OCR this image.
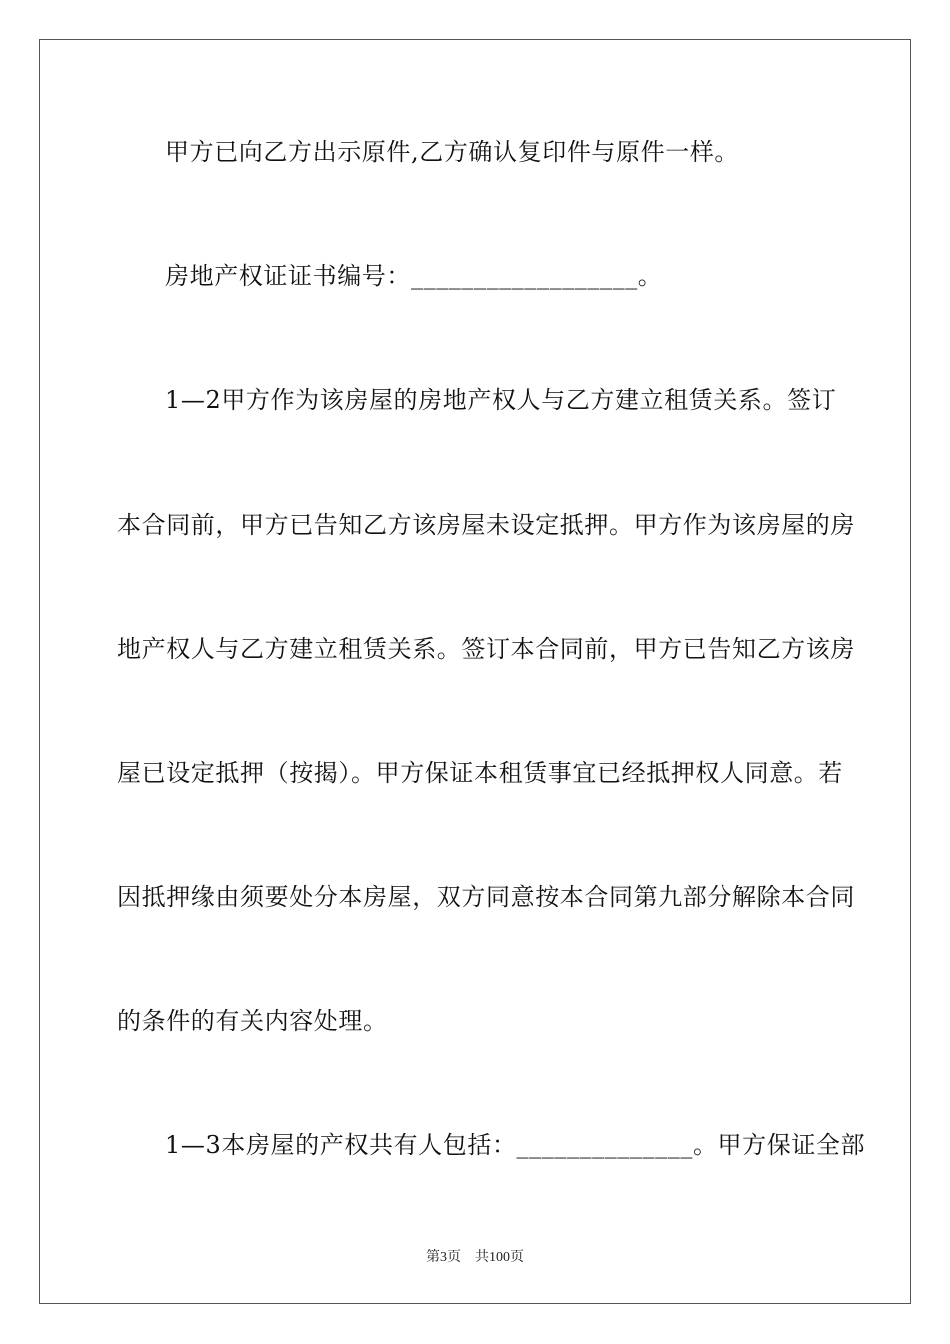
甲方已向乙方出示原件,乙方确认复印件与原件一样。
房地产权证证书编号：__________________。
1—2甲方作为该房屋的房地产权人与乙方建立租赁关系。签订
本合同前，甲方已告知乙方该房屋未设定抵押。甲方作为该房屋的房
地产权人与乙方建立租赁关系。签订本合同前，甲方已告知乙方该房
屋已设定抵押（按揭）。甲方保证本租赁事宜已经抵押权人同意。若
因抵押缘由须要处分本房屋，双方同意按本合同第九部分解除本合同
的条件的有关内容处理。
1—3本房屋的产权共有人包括：______________。甲方保证全部
第3页 共100页
